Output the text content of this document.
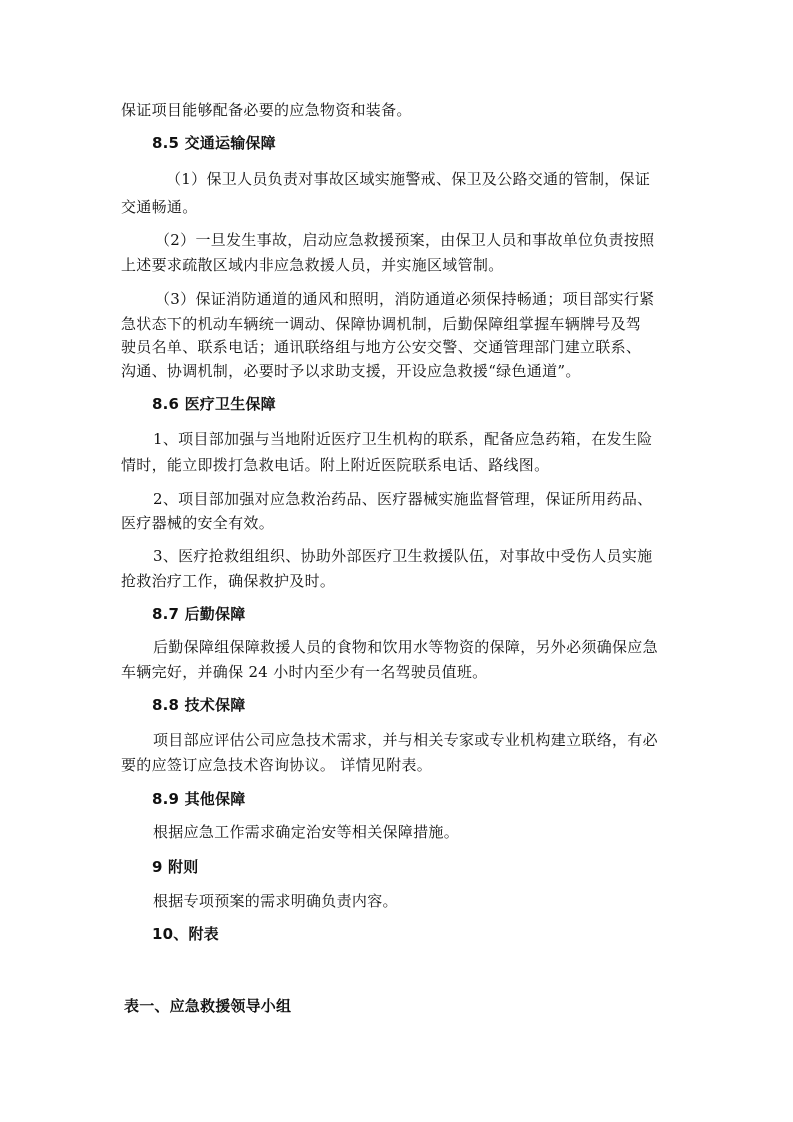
保证项目能够配备必要的应急物资和装备。
8.5 交通运输保障
（1）保卫人员负责对事故区域实施警戒、保卫及公路交通的管制，保证
交通畅通。
（2）一旦发生事故，启动应急救援预案，由保卫人员和事故单位负责按照
上述要求疏散区域内非应急救援人员，并实施区域管制。
（3）保证消防通道的通风和照明，消防通道必须保持畅通；项目部实行紧
急状态下的机动车辆统一调动、保障协调机制，后勤保障组掌握车辆牌号及驾
驶员名单、联系电话；通讯联络组与地方公安交警、交通管理部门建立联系、
沟通、协调机制，必要时予以求助支援，开设应急救援“绿色通道”。
8.6 医疗卫生保障
1、项目部加强与当地附近医疗卫生机构的联系，配备应急药箱，在发生险
情时，能立即拨打急救电话。附上附近医院联系电话、路线图。
2、项目部加强对应急救治药品、医疗器械实施监督管理，保证所用药品、
医疗器械的安全有效。
3、医疗抢救组组织、协助外部医疗卫生救援队伍，对事故中受伤人员实施
抢救治疗工作，确保救护及时。
8.7 后勤保障
后勤保障组保障救援人员的食物和饮用水等物资的保障，另外必须确保应急
车辆完好，并确保 24 小时内至少有一名驾驶员值班。
8.8 技术保障
项目部应评估公司应急技术需求，并与相关专家或专业机构建立联络，有必
要的应签订应急技术咨询协议。 详情见附表。
8.9 其他保障
根据应急工作需求确定治安等相关保障措施。
9 附则
根据专项预案的需求明确负责内容。
10、附表
表一、应急救援领导小组
